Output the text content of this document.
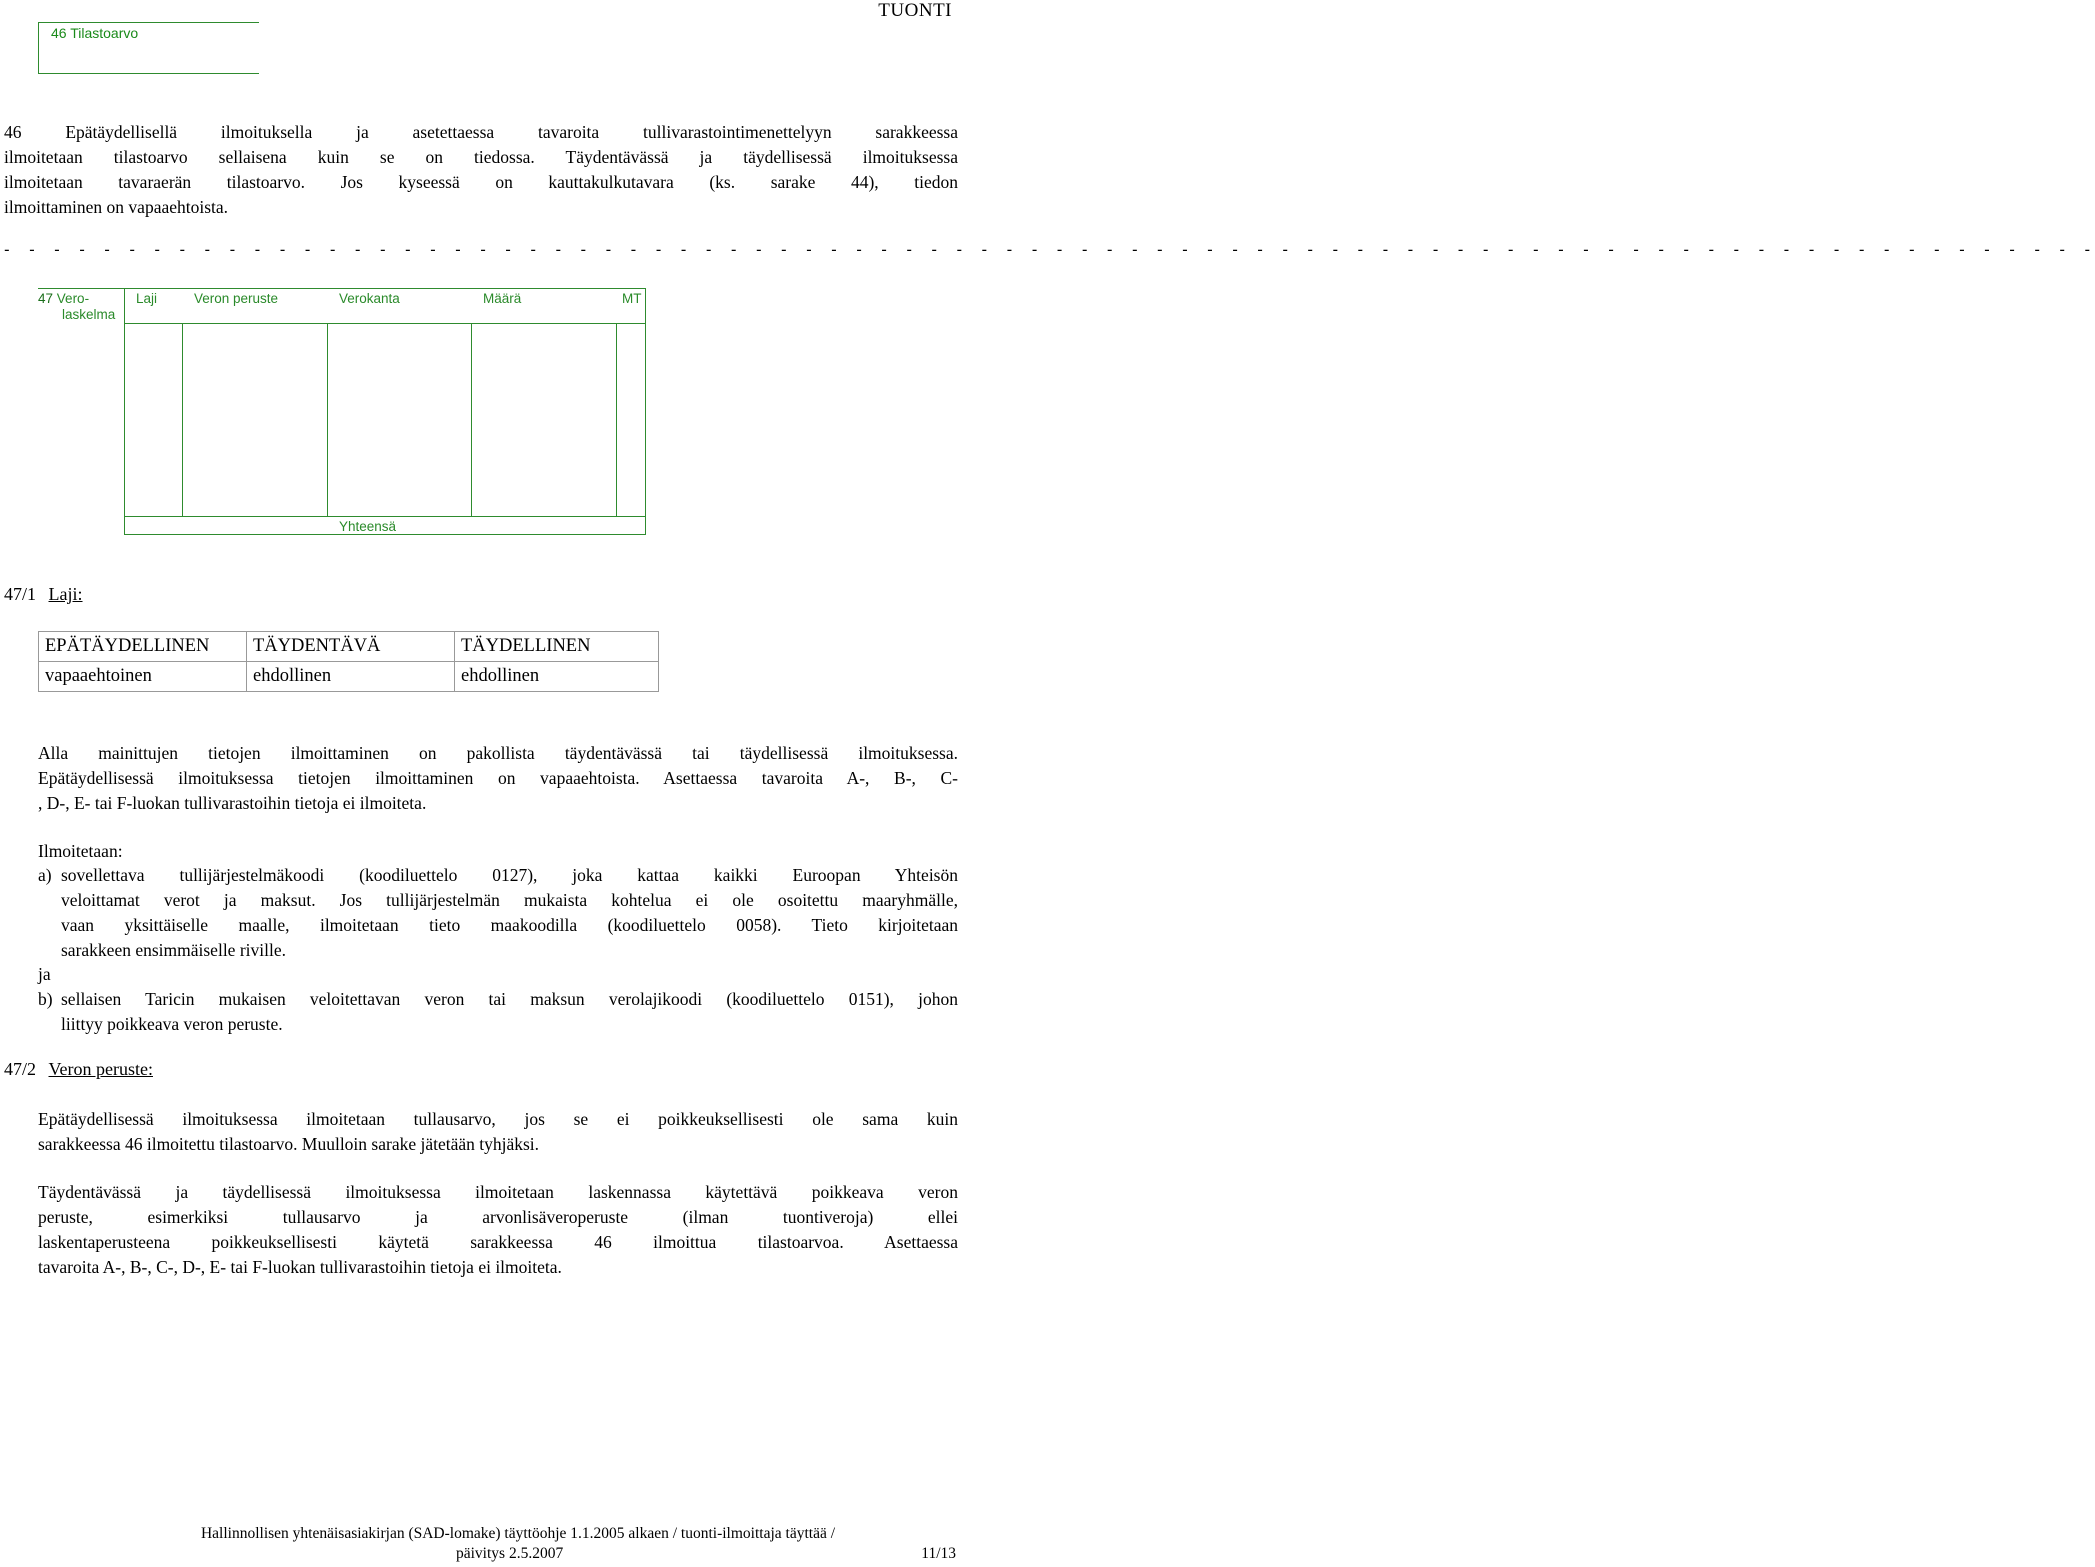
TUONTI
46 Tilastoarvo
46 Epätäydellisellä ilmoituksella ja asetettaessa tavaroita tullivarastointimenettelyyn sarakkeessa
ilmoitetaan tilastoarvo sellaisena kuin se on tiedossa. Täydentävässä ja täydellisessä ilmoituksessa
ilmoitetaan tavaraerän tilastoarvo. Jos kyseessä on kauttakulkutavara (ks. sarake 44), tiedon
ilmoittaminen on vapaaehtoista.
- - - - - - - - - - - - - - - - - - - - - - - - - - - - - - - - - - - - - - - - - - - - - - - - - - - - - - - - - - - - - - - - - - - - - - - - - - - - - - - - - - - -
47 Vero-
laskelma
Laji	Veron peruste	Verokanta	Määrä	MT
Yhteensä
47/1 Laji:
EPÄTÄYDELLINEN	TÄYDENTÄVÄ	TÄYDELLINEN
vapaaehtoinen	ehdollinen	ehdollinen
Alla mainittujen tietojen ilmoittaminen on pakollista täydentävässä tai täydellisessä ilmoituksessa.
Epätäydellisessä ilmoituksessa tietojen ilmoittaminen on vapaaehtoista. Asettaessa tavaroita A-, B-, C-
, D-, E- tai F-luokan tullivarastoihin tietoja ei ilmoiteta.
Ilmoitetaan:
a) sovellettava tullijärjestelmäkoodi (koodiluettelo 0127), joka kattaa kaikki Euroopan Yhteisön
veloittamat verot ja maksut. Jos tullijärjestelmän mukaista kohtelua ei ole osoitettu maaryhmälle,
vaan yksittäiselle maalle, ilmoitetaan tieto maakoodilla (koodiluettelo 0058). Tieto kirjoitetaan
sarakkeen ensimmäiselle riville.
ja
b) sellaisen Taricin mukaisen veloitettavan veron tai maksun verolajikoodi (koodiluettelo 0151), johon
liittyy poikkeava veron peruste.
47/2 Veron peruste:
Epätäydellisessä ilmoituksessa ilmoitetaan tullausarvo, jos se ei poikkeuksellisesti ole sama kuin
sarakkeessa 46 ilmoitettu tilastoarvo. Muulloin sarake jätetään tyhjäksi.
Täydentävässä ja täydellisessä ilmoituksessa ilmoitetaan laskennassa käytettävä poikkeava veron
peruste, esimerkiksi tullausarvo ja arvonlisäveroperuste (ilman tuontiveroja) ellei
laskentaperusteena poikkeuksellisesti käytetä sarakkeessa 46 ilmoittua tilastoarvoa. Asettaessa
tavaroita A-, B-, C-, D-, E- tai F-luokan tullivarastoihin tietoja ei ilmoiteta.
Hallinnollisen yhtenäisasiakirjan (SAD-lomake) täyttöohje 1.1.2005 alkaen / tuonti-ilmoittaja täyttää /
päivitys 2.5.2007	11/13
